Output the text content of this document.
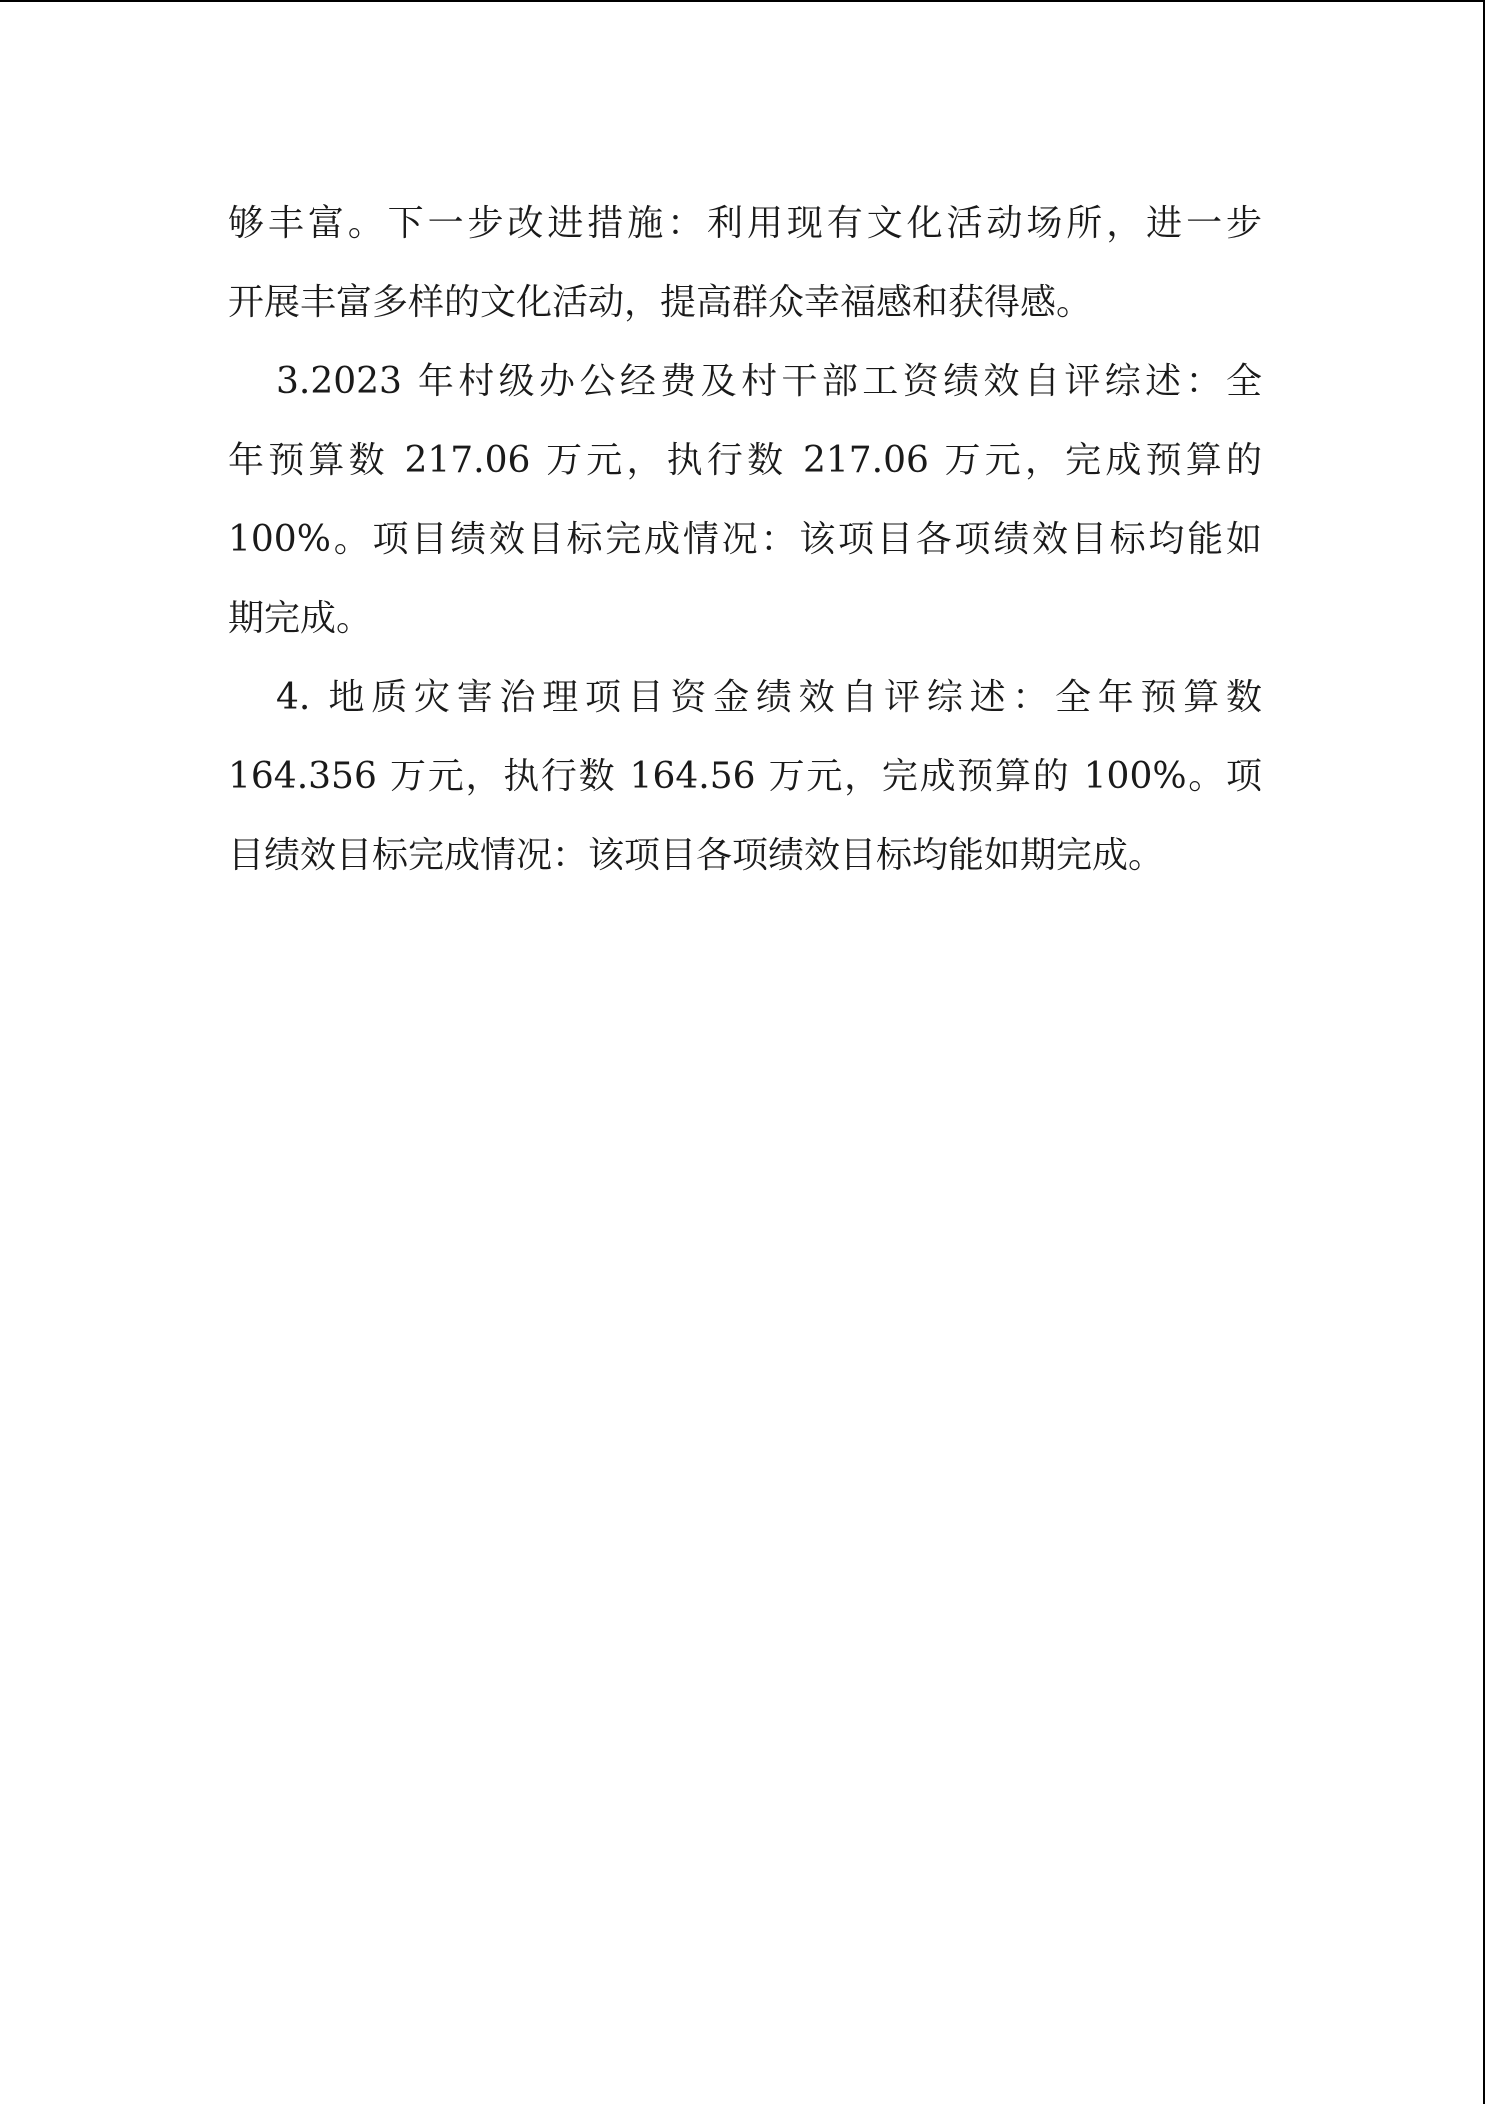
够丰富。下一步改进措施：利用现有文化活动场所，进一步
开展丰富多样的文化活动，提高群众幸福感和获得感。
3.2023 年村级办公经费及村干部工资绩效自评综述：全
年预算数 217.06 万元，执行数 217.06 万元，完成预算的
100%。项目绩效目标完成情况：该项目各项绩效目标均能如
期完成。
4. 地质灾害治理项目资金绩效自评综述：全年预算数
164.356 万元，执行数 164.56 万元，完成预算的 100%。项
目绩效目标完成情况：该项目各项绩效目标均能如期完成。
